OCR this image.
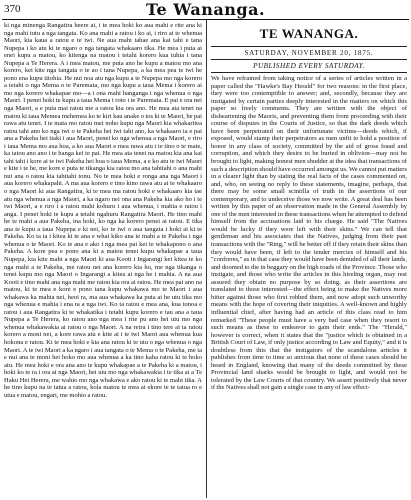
370	Te Wananga.

ki nga minenga Rangatira heere ai, i te mea hoki ko aua mahi e rite ana ki nga mahi tutu a nga tangata. Ko ana mahi a ratou i ko ai, i riro ai te whenua Maori, kia kaua a ratou e te iwi. Ne aua mahi tahae ana kai tahi e tana Nupepa i ko atu ki te ngaro o nga tangata whakaaro tika. He mea i puta ai enei kupu a matou, ko kitenga na matou i tetahi korero kua tuhia i tana Nupepa a Te Herera. A i mea matou, me puta ano he kupu a matou mo ana korero, kei kite nga tangata o te ao i tana Nupepa, a ka mea pea te iwi he pono ena kupu titohia. He nui noa atu nga kupu a te Nupepa mo nga korero a tetahi o nga Mema o te Paremata, mo nga kupu a taua Mema i korero ai mo nga korero whakapae mo—a i ona mahi hanganga i nga whenua o nga Maori. I penei hoki te kupu a taua Mema i roto i te Paremata. E pai e ora nei nga Maori, a e puta mai ratou me a ratou kia ora ano. He mea ata tenei na matou ki taua Memea mehemea ko te kiri kau anake o tos ki te Maori, he pai rawa atu tenei. I te mata mo ratou mei noho kupu nga Maori kia whakaritea ratou tahi ano ko nga iwi o te Pakeha hei iwi tahi ano, ka whakaaro ia e pai ana a Pakeha hei tiaki i aua Maori, penei ko nga whenua a nga Maori, e riro i taua Mema mo aua hoa, a ko aua Maori e mea rawa atu i te tino o te mate, ka tatou ano ano i te hanga kei te pai. He mea ata tenei na matou kia ana kai tahi tahi i kore ai te iwi Pakeha hei hoa o taua Mema, a e ko atu te iwi Maori e kite i te he, me kore e puta te tikanga kia ratou mo ana tahitahi o ana mahi nui ana o ratou kia tahitahi tonu. No te mea hoki e ronga ana nga Maori i aua korero whakapahi. A ma aua korero e tino kino rawa atu ai te whakaaro o nga Maori ki aua Rangatira, ki te mea ma ratou hoki e whakaaro kia tae atu nga whenua a nga Maori, a ka ngaro nei ona ana Pakeha kia ako ho i te iwi Maori, a e riro i a ratou mahi kohuru i aua whenua, i mahia e ratou i anga. I penei hoki te kupu a tetahi ngahuru Rangatira Maori. He tino mahi he te mahi a aua Pakeha, ina hoki, ko nga ka korero penei ai ratou. E tika ana te kupu a taua Nupepa e ki nei, ko te iwi o aua tangata i hoki ai ki te Pakeha. Ko ta ia i kitea ki te ana e whai kiko ana te mahi a te Pakeha i nga whenua o te Maori. Ko te ana e ako i nga mea pai kei te whakapono o ana Pakeha. A kore pea e pono ana ki a matou tenei kupu whakapae a taua Nupepa, kia kite mahi a nga Maori ki aua Kooti i Ingarangi kei kitea te ko nga mahi a te Pakeha, me ratou nei ana korero kia ho, me nga tikanga o tenei kupu mo nga Maori o Ingarangi a kitea ai nga he i mahia. A na aua Kooti e tino mahi ana nga mahi me ratou kia ora ai ratou. He mea pai ano na matou, ki te mea e kore e pono tana kupu whakawa mo te Maori i aua whakawa ka mahia nei, heoi ra, ma aua whakawa ka puta ai he utu tika mo nga whenua e mahia i ena ra a nga iwi. Ko ta ratou e mea ana, kua tonoa e ratou i aua Rangatira ki te whakatika i tetahi kupu korero e tau ana a taua Nupepa a Te Herera, ko ratou ano nga mea i rite pu ano hei utu mo nga whenua whakawakia ai ratou o nga Maori. A na reira i tino tere ai ta ratou korero a moni nei, a kore rawa atu e kite ai i te iwi Maori aua whenua kua hokona e ratou. Ki te mea hoki e kia ana ratou ki te utu o nga whenua o nga Maori. A te iwi Maori a ka ngaro i aua tangata o te Mema o te Pakeha, me ia e nui ana te moni hei hoko mo aua whenua a ka tino kaha ratou ki te hoko atu. He mea hoki e ora ana ano te kupu whakapae a te Pakeha ki a matou, i hoki ko te ra i ora ai nga Maori, hei utu mo nga whakawakia i te tika ai a Te Haku Hei Herera, me wahio mo nga whakawa e ako ratou ki te mahi tika. A he tino kupu na te tatua a ratou, kola matou te mea ai ekore te te tatua ro e utua e matou, engari, me mohio a ratou.

TE WANANGA.
SATURDAY, NOVEMBER 20, 1875.
PUBLISHED EVERY SATURDAY.

We have refrained from taking notice of a series of articles written in a paper called the "Hawke's Bay Herald" for two reasons: in the first place, they were too contemptible to answer; and, secondly, because they are instigated by certain parties deeply interested in the matters on which this paper so freely comments. They are written with the object of disheartening the Maoris, and preventing them from proceeding with their course of disputes in the Courts of Justice, so that the dark deeds which have been perpetrated on their unfortunate victims—deeds which, if exposed, would stamp their perpetrators as men unfit to hold a position of honor in any class of society, committed by the aid of gross fraud and corruption, and which they desire to be buried in oblivion—may not be brought to light, making honest men shudder at the idea that transactions of such a description should have occurred amongst us. We cannot put matters in a clearer light than by stating the real facts of the cases commented on, and, who, on seeing no reply to these statements, imagine, perhaps, that there may be some small scintilla of truth in the assertions of our contemporary, and to undeceive those we now write. A great deal has been written by this paper of an observation made in the General Assembly by one of the men interested in these transactions when he attempted to defend himself from the accusations laid to his charge. He said "The Natives would be lucky if they were left with their skins." We can tell that gentleman and his associates that the Natives, judging from their past transactions with the "Ring," will be better off if they retain their skins than they would have been, if left to the tender mercies of himself and his "confreres," as in that case they would have been denuded of all their lands, and doomed to die in beggary on the high roads of the Province. Those who instigate, and those who write the articles in this hireling organ, may rest assured they obtain no purpose by so doing, as their assertions are translated to those interested—the effect being to make the Natives more bitter against those who first robbed them, and now adopt such unworthy means with the hope of covering their iniquities. A well-known and highly influential chief, after having had an article of this class read to him remarked "These people must have a very bad case when they resort to such means as these to endeavor to gain their ends." The "Herald," however is correct, when it states that the "justice which is obtained in a British Court of Law, if only justice according to Law and Equity," and it is doubtless from this that the instigators of the scandalous articles it publishes from time to time so anxious that none of these cases should be heard in England, knowing that many of the deeds committed by these Provincial land sharks would be brought to light, and would not be tolerated by the Law Courts of that country. We assert positively that never if the Natives shall not gain a single case in any of law effect-
